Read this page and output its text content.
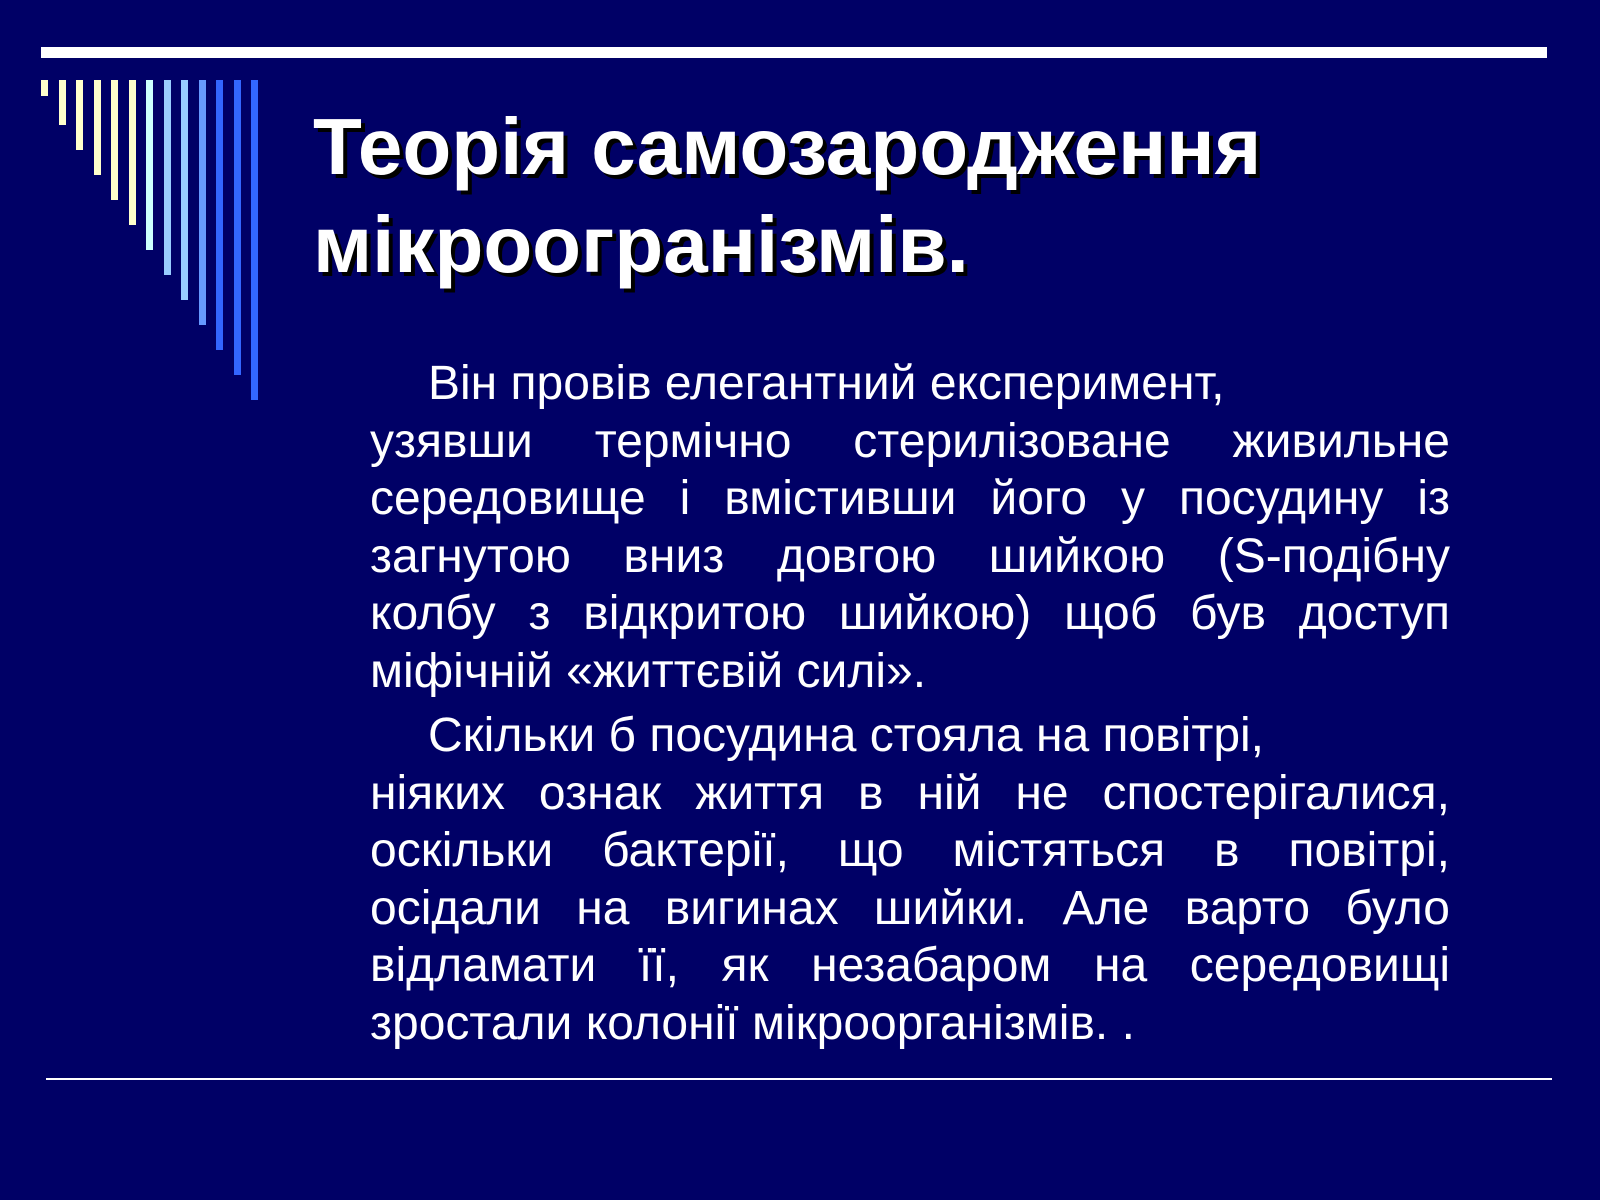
Теорія самозародження
мікроогранізмів.

Він провів елегантний експеримент,
узявши термічно стерилізоване живильне
середовище і вмістивши його у посудину із
загнутою вниз довгою шийкою (S-подібну
колбу з відкритою шийкою) щоб був доступ
міфічній «життєвій силі».

Скільки б посудина стояла на повітрі,
ніяких ознак життя в ній не спостерігалися,
оскільки бактерії, що містяться в повітрі,
осідали на вигинах шийки. Але варто було
відламати її, як незабаром на середовищі
зростали колонії мікроорганізмів. .
